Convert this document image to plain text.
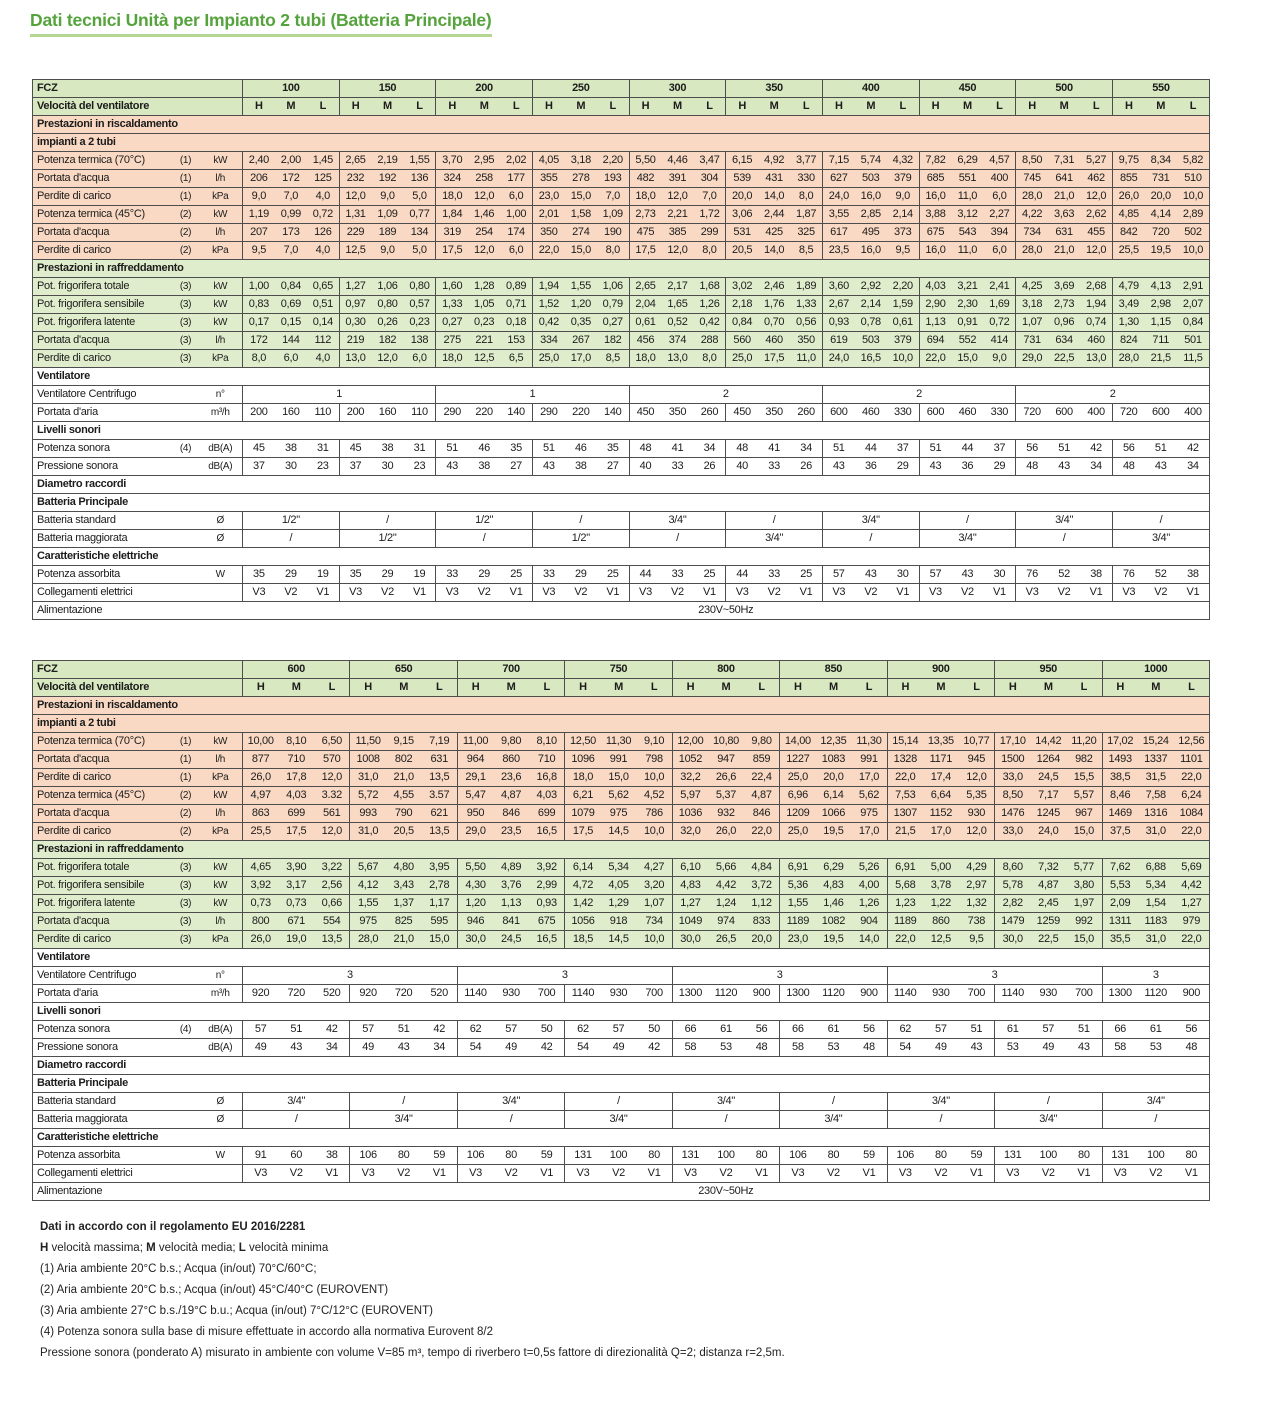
Dati tecnici Unità per Impianto 2 tubi (Batteria Principale)
FCZ			100			150			200			250			300			350			400			450			500			550		
Velocità del ventilatore			H	M	L	H	M	L	H	M	L	H	M	L	H	M	L	H	M	L	H	M	L	H	M	L	H	M	L	H	M	L
Prestazioni in riscaldamento																																
impianti a 2 tubi																																
Potenza termica (70°C)	(1)	kW	2,40	2,00	1,45	2,65	2,19	1,55	3,70	2,95	2,02	4,05	3,18	2,20	5,50	4,46	3,47	6,15	4,92	3,77	7,15	5,74	4,32	7,82	6,29	4,57	8,50	7,31	5,27	9,75	8,34	5,82
Portata d'acqua	(1)	l/h	206	172	125	232	192	136	324	258	177	355	278	193	482	391	304	539	431	330	627	503	379	685	551	400	745	641	462	855	731	510
Perdite di carico	(1)	kPa	9,0	7,0	4,0	12,0	9,0	5,0	18,0	12,0	6,0	23,0	15,0	7,0	18,0	12,0	7,0	20,0	14,0	8,0	24,0	16,0	9,0	16,0	11,0	6,0	28,0	21,0	12,0	26,0	20,0	10,0
Potenza termica (45°C)	(2)	kW	1,19	0,99	0,72	1,31	1,09	0,77	1,84	1,46	1,00	2,01	1,58	1,09	2,73	2,21	1,72	3,06	2,44	1,87	3,55	2,85	2,14	3,88	3,12	2,27	4,22	3,63	2,62	4,85	4,14	2,89
Portata d'acqua	(2)	l/h	207	173	126	229	189	134	319	254	174	350	274	190	475	385	299	531	425	325	617	495	373	675	543	394	734	631	455	842	720	502
Perdite di carico	(2)	kPa	9,5	7,0	4,0	12,5	9,0	5,0	17,5	12,0	6,0	22,0	15,0	8,0	17,5	12,0	8,0	20,5	14,0	8,5	23,5	16,0	9,5	16,0	11,0	6,0	28,0	21,0	12,0	25,5	19,5	10,0
Prestazioni in raffreddamento																																
Pot. frigorifera totale	(3)	kW	1,00	0,84	0,65	1,27	1,06	0,80	1,60	1,28	0,89	1,94	1,55	1,06	2,65	2,17	1,68	3,02	2,46	1,89	3,60	2,92	2,20	4,03	3,21	2,41	4,25	3,69	2,68	4,79	4,13	2,91
Pot. frigorifera sensibile	(3)	kW	0,83	0,69	0,51	0,97	0,80	0,57	1,33	1,05	0,71	1,52	1,20	0,79	2,04	1,65	1,26	2,18	1,76	1,33	2,67	2,14	1,59	2,90	2,30	1,69	3,18	2,73	1,94	3,49	2,98	2,07
Pot. frigorifera latente	(3)	kW	0,17	0,15	0,14	0,30	0,26	0,23	0,27	0,23	0,18	0,42	0,35	0,27	0,61	0,52	0,42	0,84	0,70	0,56	0,93	0,78	0,61	1,13	0,91	0,72	1,07	0,96	0,74	1,30	1,15	0,84
Portata d'acqua	(3)	l/h	172	144	112	219	182	138	275	221	153	334	267	182	456	374	288	560	460	350	619	503	379	694	552	414	731	634	460	824	711	501
Perdite di carico	(3)	kPa	8,0	6,0	4,0	13,0	12,0	6,0	18,0	12,5	6,5	25,0	17,0	8,5	18,0	13,0	8,0	25,0	17,5	11,0	24,0	16,5	10,0	22,0	15,0	9,0	29,0	22,5	13,0	28,0	21,5	11,5
Ventilatore																																
Ventilatore Centrifugo		n°	1						1						2						2						2					
Portata d'aria		m³/h	200	160	110	200	160	110	290	220	140	290	220	140	450	350	260	450	350	260	600	460	330	600	460	330	720	600	400	720	600	400
Livelli sonori																																
Potenza sonora	(4)	dB(A)	45	38	31	45	38	31	51	46	35	51	46	35	48	41	34	48	41	34	51	44	37	51	44	37	56	51	42	56	51	42
Pressione sonora		dB(A)	37	30	23	37	30	23	43	38	27	43	38	27	40	33	26	40	33	26	43	36	29	43	36	29	48	43	34	48	43	34
Diametro raccordi																																
Batteria Principale																																
Batteria standard		Ø	1/2"			/			1/2"			/			3/4"			/			3/4"			/			3/4"			/		
Batteria maggiorata		Ø	/			1/2"			/			1/2"			/			3/4"			/			3/4"			/			3/4"		
Caratteristiche elettriche																																
Potenza assorbita		W	35	29	19	35	29	19	33	29	25	33	29	25	44	33	25	44	33	25	57	43	30	57	43	30	76	52	38	76	52	38
Collegamenti elettrici			V3	V2	V1	V3	V2	V1	V3	V2	V1	V3	V2	V1	V3	V2	V1	V3	V2	V1	V3	V2	V1	V3	V2	V1	V3	V2	V1	V3	V2	V1
Alimentazione			230V~50Hz																													
FCZ			600			650			700			750			800			850			900			950			1000		
Velocità del ventilatore			H	M	L	H	M	L	H	M	L	H	M	L	H	M	L	H	M	L	H	M	L	H	M	L	H	M	L
Prestazioni in riscaldamento																													
impianti a 2 tubi																													
Potenza termica (70°C)	(1)	kW	10,00	8,10	6,50	11,50	9,15	7,19	11,00	9,80	8,10	12,50	11,30	9,10	12,00	10,80	9,80	14,00	12,35	11,30	15,14	13,35	10,77	17,10	14,42	11,20	17,02	15,24	12,56
Portata d'acqua	(1)	l/h	877	710	570	1008	802	631	964	860	710	1096	991	798	1052	947	859	1227	1083	991	1328	1171	945	1500	1264	982	1493	1337	1101
Perdite di carico	(1)	kPa	26,0	17,8	12,0	31,0	21,0	13,5	29,1	23,6	16,8	18,0	15,0	10,0	32,2	26,6	22,4	25,0	20,0	17,0	22,0	17,4	12,0	33,0	24,5	15,5	38,5	31,5	22,0
Potenza termica (45°C)	(2)	kW	4,97	4,03	3.32	5,72	4,55	3.57	5,47	4,87	4,03	6,21	5,62	4,52	5,97	5,37	4,87	6,96	6,14	5,62	7,53	6,64	5,35	8,50	7,17	5,57	8,46	7,58	6,24
Portata d'acqua	(2)	l/h	863	699	561	993	790	621	950	846	699	1079	975	786	1036	932	846	1209	1066	975	1307	1152	930	1476	1245	967	1469	1316	1084
Perdite di carico	(2)	kPa	25,5	17,5	12,0	31,0	20,5	13,5	29,0	23,5	16,5	17,5	14,5	10,0	32,0	26,0	22,0	25,0	19,5	17,0	21,5	17,0	12,0	33,0	24,0	15,0	37,5	31,0	22,0
Prestazioni in raffreddamento																													
Pot. frigorifera totale	(3)	kW	4,65	3,90	3,22	5,67	4,80	3,95	5,50	4,89	3,92	6,14	5,34	4,27	6,10	5,66	4,84	6,91	6,29	5,26	6,91	5,00	4,29	8,60	7,32	5,77	7,62	6,88	5,69
Pot. frigorifera sensibile	(3)	kW	3,92	3,17	2,56	4,12	3,43	2,78	4,30	3,76	2,99	4,72	4,05	3,20	4,83	4,42	3,72	5,36	4,83	4,00	5,68	3,78	2,97	5,78	4,87	3,80	5,53	5,34	4,42
Pot. frigorifera latente	(3)	kW	0,73	0,73	0,66	1,55	1,37	1,17	1,20	1,13	0,93	1,42	1,29	1,07	1,27	1,24	1,12	1,55	1,46	1,26	1,23	1,22	1,32	2,82	2,45	1,97	2,09	1,54	1,27
Portata d'acqua	(3)	l/h	800	671	554	975	825	595	946	841	675	1056	918	734	1049	974	833	1189	1082	904	1189	860	738	1479	1259	992	1311	1183	979
Perdite di carico	(3)	kPa	26,0	19,0	13,5	28,0	21,0	15,0	30,0	24,5	16,5	18,5	14,5	10,0	30,0	26,5	20,0	23,0	19,5	14,0	22,0	12,5	9,5	30,0	22,5	15,0	35,5	31,0	22,0
Ventilatore																													
Ventilatore Centrifugo		n°	3						3						3						3						3		
Portata d'aria		m³/h	920	720	520	920	720	520	1140	930	700	1140	930	700	1300	1120	900	1300	1120	900	1140	930	700	1140	930	700	1300	1120	900
Livelli sonori																													
Potenza sonora	(4)	dB(A)	57	51	42	57	51	42	62	57	50	62	57	50	66	61	56	66	61	56	62	57	51	61	57	51	66	61	56
Pressione sonora		dB(A)	49	43	34	49	43	34	54	49	42	54	49	42	58	53	48	58	53	48	54	49	43	53	49	43	58	53	48
Diametro raccordi																													
Batteria Principale																													
Batteria standard		Ø	3/4"			/			3/4"			/			3/4"			/			3/4"			/			3/4"		
Batteria maggiorata		Ø	/			3/4"			/			3/4"			/			3/4"			/			3/4"			/		
Caratteristiche elettriche																													
Potenza assorbita		W	91	60	38	106	80	59	106	80	59	131	100	80	131	100	80	106	80	59	106	80	59	131	100	80	131	100	80
Collegamenti elettrici			V3	V2	V1	V3	V2	V1	V3	V2	V1	V3	V2	V1	V3	V2	V1	V3	V2	V1	V3	V2	V1	V3	V2	V1	V3	V2	V1
Alimentazione			230V~50Hz																										

Dati in accordo con il regolamento EU 2016/2281

H velocità massima; M velocità media; L velocità minima

(1) Aria ambiente 20°C b.s.; Acqua (in/out) 70°C/60°C;

(2) Aria ambiente 20°C b.s.; Acqua (in/out) 45°C/40°C (EUROVENT)

(3) Aria ambiente 27°C b.s./19°C b.u.; Acqua (in/out) 7°C/12°C (EUROVENT)

(4) Potenza sonora sulla base di misure effettuate in accordo alla normativa Eurovent 8/2

Pressione sonora (ponderato A) misurato in ambiente con volume V=85 m³, tempo di riverbero t=0,5s fattore di direzionalità Q=2; distanza r=2,5m.
